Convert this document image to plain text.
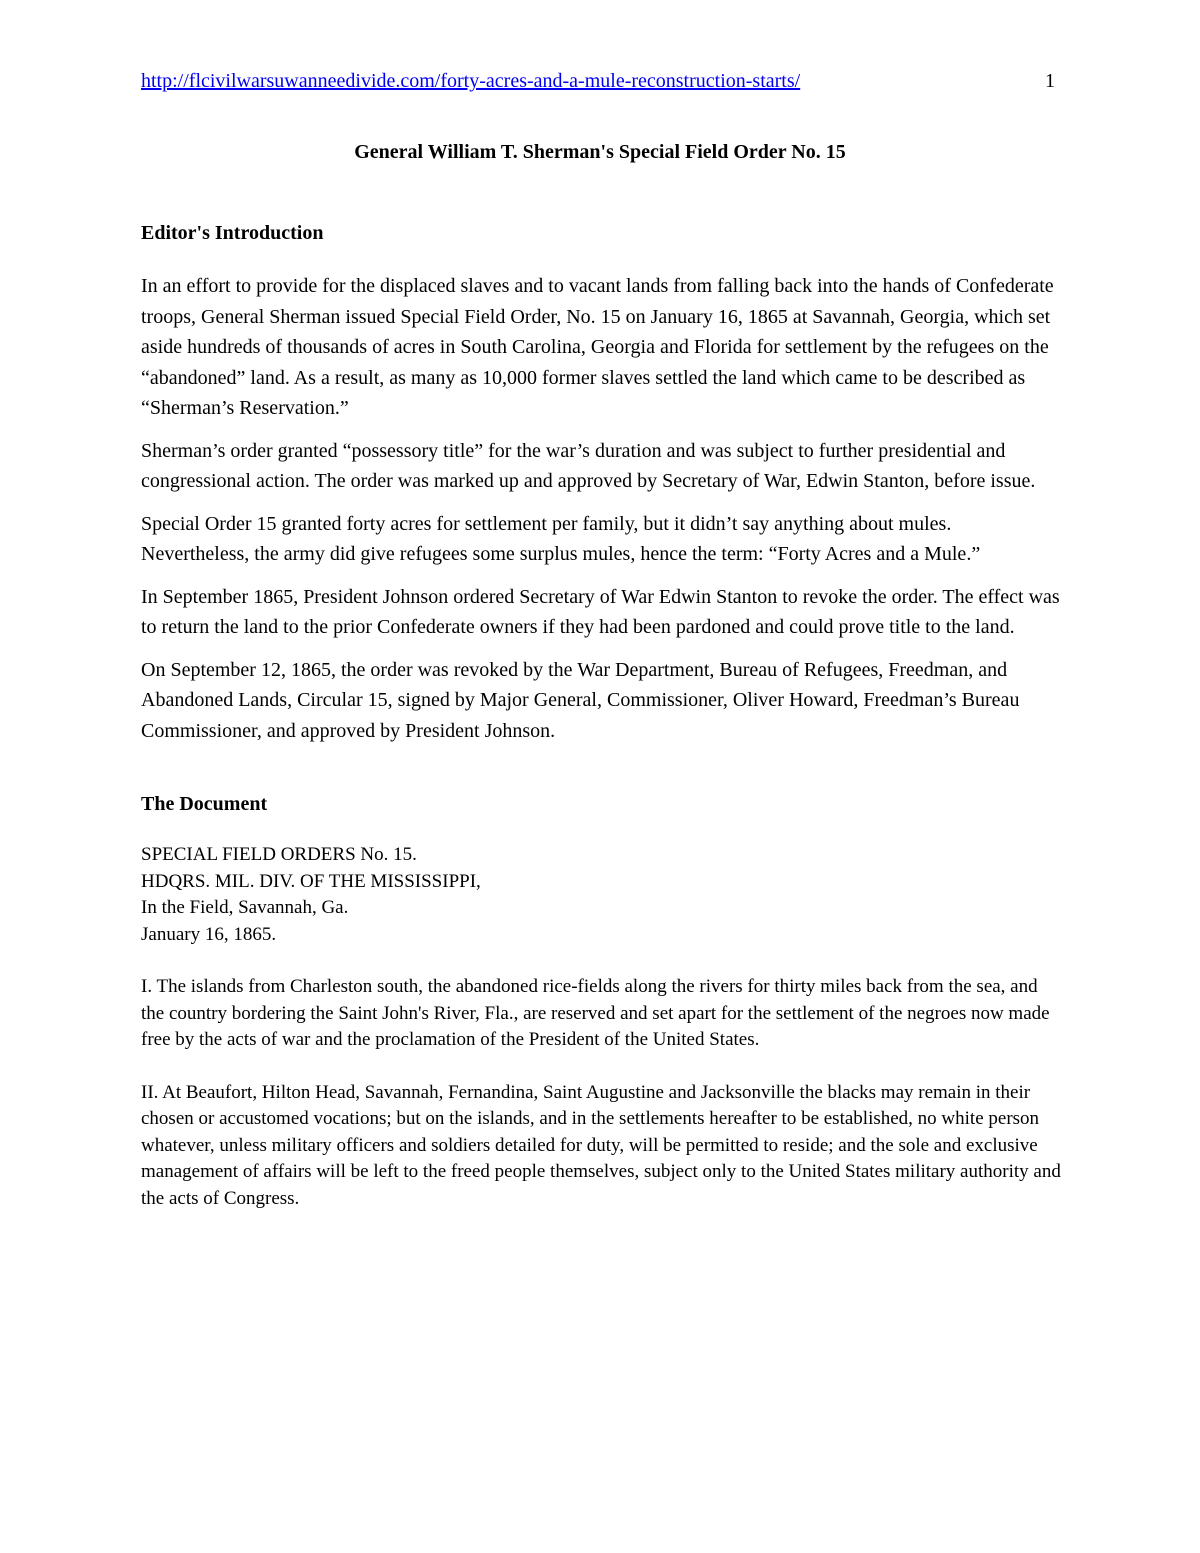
http://flcivilwarsuwanneedivide.com/forty-acres-and-a-mule-reconstruction-starts/	1
General William T. Sherman's Special Field Order No. 15
Editor's Introduction

In an effort to provide for the displaced slaves and to vacant lands from falling back into the hands of Confederate troops, General Sherman issued Special Field Order, No. 15 on January 16, 1865 at Savannah, Georgia, which set aside hundreds of thousands of acres in South Carolina, Georgia and Florida for settlement by the refugees on the “abandoned” land. As a result, as many as 10,000 former slaves settled the land which came to be described as “Sherman’s Reservation.”

Sherman’s order granted “possessory title” for the war’s duration and was subject to further presidential and congressional action. The order was marked up and approved by Secretary of War, Edwin Stanton, before issue.

Special Order 15 granted forty acres for settlement per family, but it didn’t say anything about mules. Nevertheless, the army did give refugees some surplus mules, hence the term: “Forty Acres and a Mule.”

In September 1865, President Johnson ordered Secretary of War Edwin Stanton to revoke the order. The effect was to return the land to the prior Confederate owners if they had been pardoned and could prove title to the land.

On September 12, 1865, the order was revoked by the War Department, Bureau of Refugees, Freedman, and Abandoned Lands, Circular 15, signed by Major General, Commissioner, Oliver Howard, Freedman’s Bureau Commissioner, and approved by President Johnson.

The Document
SPECIAL FIELD ORDERS No. 15.
HDQRS. MIL. DIV. OF THE MISSISSIPPI,
In the Field, Savannah, Ga.
January 16, 1865.

I. The islands from Charleston south, the abandoned rice-fields along the rivers for thirty miles back from the sea, and the country bordering the Saint John's River, Fla., are reserved and set apart for the settlement of the negroes now made free by the acts of war and the proclamation of the President of the United States.

II. At Beaufort, Hilton Head, Savannah, Fernandina, Saint Augustine and Jacksonville the blacks may remain in their chosen or accustomed vocations; but on the islands, and in the settlements hereafter to be established, no white person whatever, unless military officers and soldiers detailed for duty, will be permitted to reside; and the sole and exclusive management of affairs will be left to the freed people themselves, subject only to the United States military authority and the acts of Congress.
